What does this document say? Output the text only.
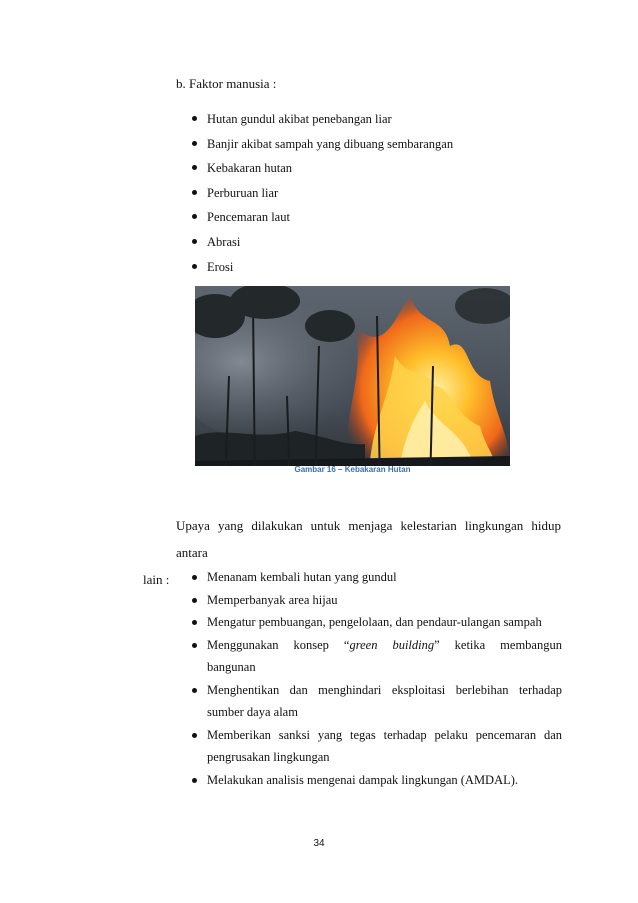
b. Faktor manusia :
Hutan gundul akibat penebangan liar
Banjir akibat sampah yang dibuang sembarangan
Kebakaran hutan
Perburuan liar
Pencemaran laut
Abrasi
Erosi
Gambar 16 – Kebakaran Hutan
Upaya yang dilakukan untuk menjaga kelestarian lingkungan hidup antara
lain :	Menanam kembali hutan yang gundul
Memperbanyak area hijau
Mengatur pembuangan, pengelolaan, dan pendaur-ulangan sampah
Menggunakan konsep “green building” ketika membangun
bangunan
Menghentikan dan menghindari eksploitasi berlebihan terhadap
sumber daya alam
Memberikan sanksi yang tegas terhadap pelaku pencemaran dan
pengrusakan lingkungan
Melakukan analisis mengenai dampak lingkungan (AMDAL).
34
